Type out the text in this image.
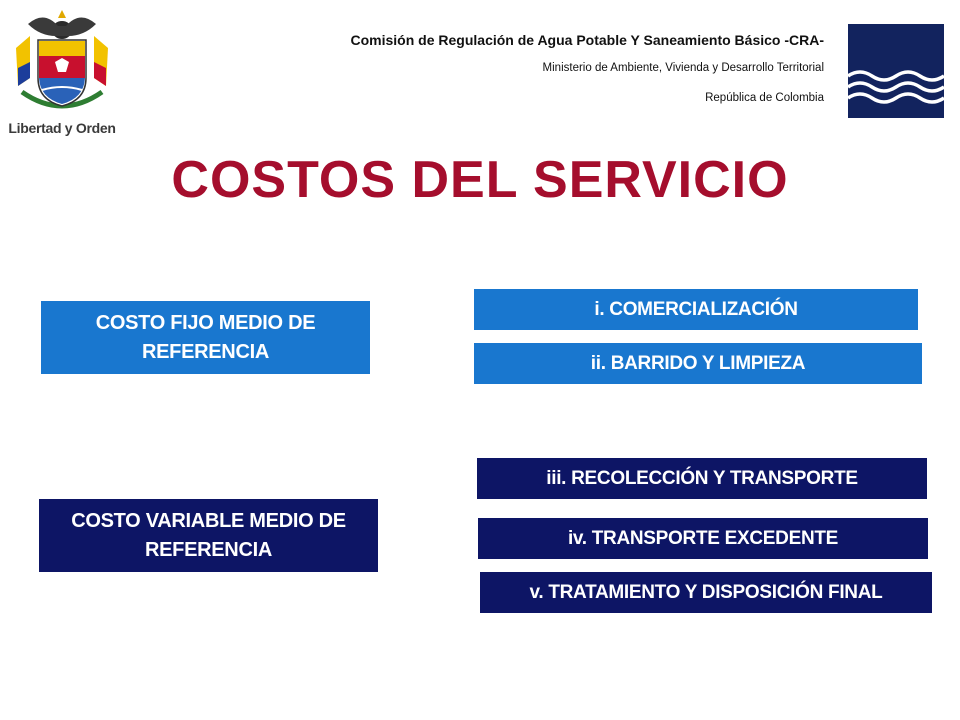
Libertad y Orden
Comisión de Regulación de Agua Potable Y Saneamiento Básico -CRA-
Ministerio de Ambiente, Vivienda y Desarrollo Territorial
República de Colombia
COSTOS DEL SERVICIO
COSTO FIJO MEDIO DE REFERENCIA
COSTO VARIABLE MEDIO DE REFERENCIA
i. COMERCIALIZACIÓN
ii. BARRIDO Y LIMPIEZA
iii. RECOLECCIÓN Y TRANSPORTE
iv. TRANSPORTE EXCEDENTE
v. TRATAMIENTO Y DISPOSICIÓN FINAL
